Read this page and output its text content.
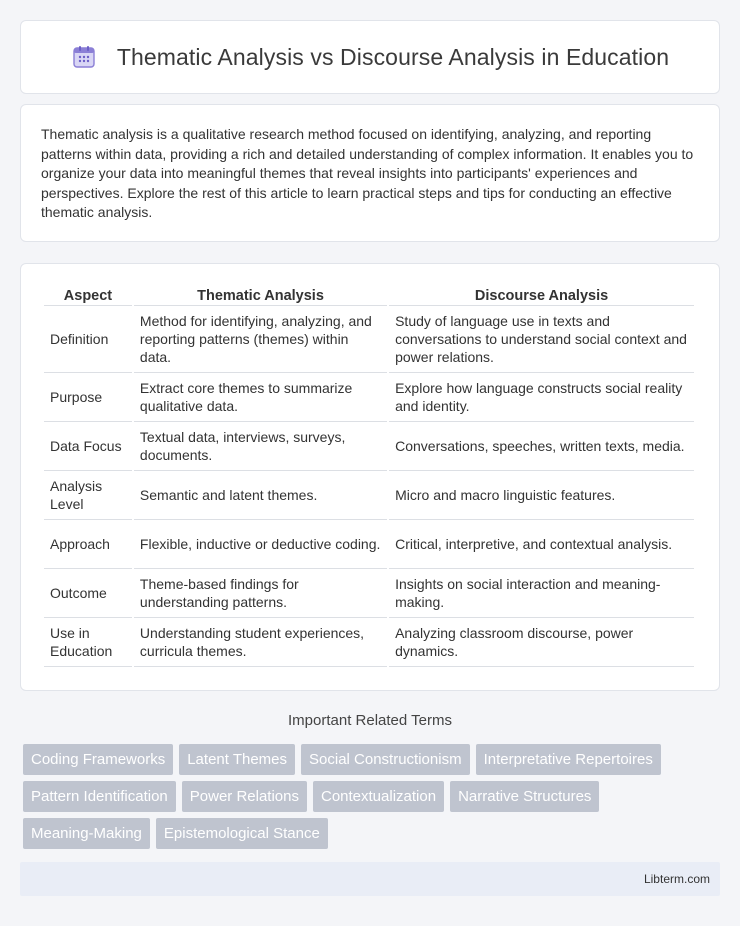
Thematic Analysis vs Discourse Analysis in Education

Thematic analysis is a qualitative research method focused on identifying, analyzing, and reporting patterns within data, providing a rich and detailed understanding of complex information. It enables you to organize your data into meaningful themes that reveal insights into participants' experiences and perspectives. Explore the rest of this article to learn practical steps and tips for conducting an effective thematic analysis.

Aspect	Thematic Analysis	Discourse Analysis
Definition	Method for identifying, analyzing, and reporting patterns (themes) within data.	Study of language use in texts and conversations to understand social context and power relations.
Purpose	Extract core themes to summarize qualitative data.	Explore how language constructs social reality and identity.
Data Focus	Textual data, interviews, surveys, documents.	Conversations, speeches, written texts, media.
Analysis Level	Semantic and latent themes.	Micro and macro linguistic features.
Approach	Flexible, inductive or deductive coding.	Critical, interpretive, and contextual analysis.
Outcome	Theme-based findings for understanding patterns.	Insights on social interaction and meaning-making.
Use in Education	Understanding student experiences, curricula themes.	Analyzing classroom discourse, power dynamics.
Important Related Terms
Coding Frameworks	Latent Themes	Social Constructionism	Interpretative Repertoires
Pattern Identification	Power Relations	Contextualization	Narrative Structures
Meaning-Making	Epistemological Stance
Libterm.com
